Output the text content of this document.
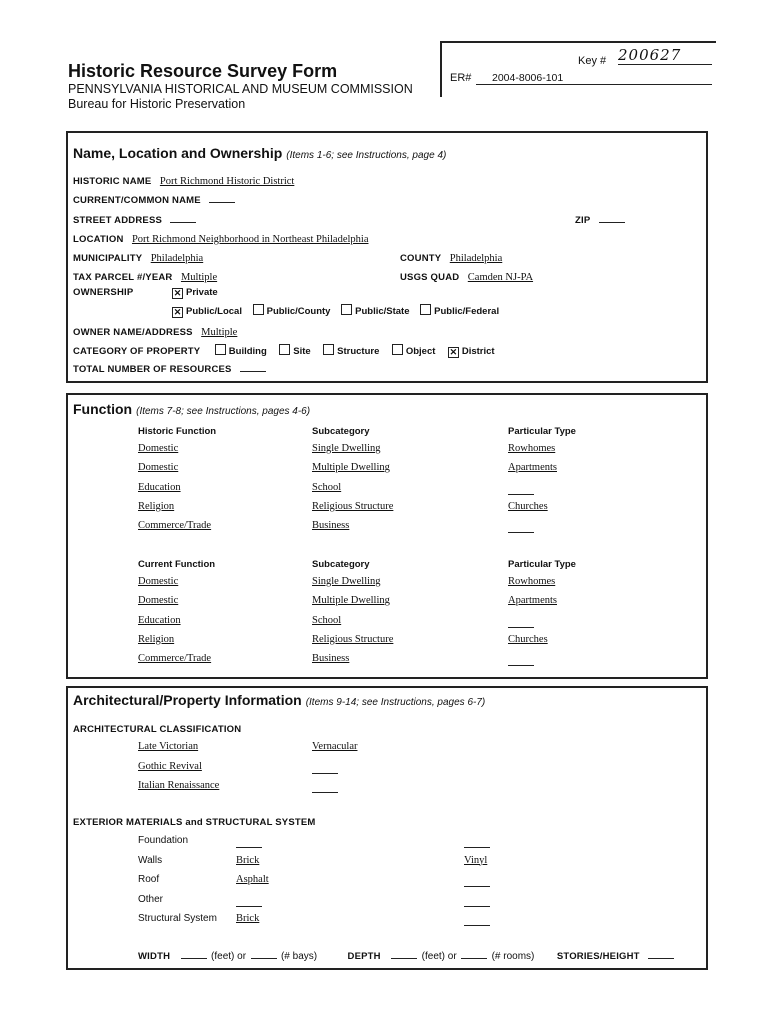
Historic Resource Survey Form
PENNSYLVANIA HISTORICAL AND MUSEUM COMMISSION
Bureau for Historic Preservation
Key # 200627
ER#	2004-8006-101
Name, Location and Ownership (Items 1-6; see Instructions, page 4)
HISTORIC NAME Port Richmond Historic District
CURRENT/COMMON NAME
STREET ADDRESS	ZIP
LOCATION Port Richmond Neighborhood in Northeast Philadelphia
MUNICIPALITY Philadelphia	COUNTY Philadelphia
TAX PARCEL #/YEAR Multiple	USGS QUAD Camden NJ-PA
OWNERSHIP	✕ Private
✕ Public/Local	Public/County	Public/State	Public/Federal
OWNER NAME/ADDRESS Multiple
CATEGORY OF PROPERTY	Building	Site	Structure	Object ✕ District
TOTAL NUMBER OF RESOURCES
Function (Items 7-8; see Instructions, pages 4-6)
Historic Function	Subcategory	Particular Type
Domestic	Single Dwelling	Rowhomes
Domestic	Multiple Dwelling	Apartments
Education	School
Religion	Religious Structure	Churches
Commerce/Trade	Business
Current Function	Subcategory	Particular Type
Domestic	Single Dwelling	Rowhomes
Domestic	Multiple Dwelling	Apartments
Education	School
Religion	Religious Structure	Churches
Commerce/Trade	Business
Architectural/Property Information (Items 9-14; see Instructions, pages 6-7)
ARCHITECTURAL CLASSIFICATION
Late Victorian	Vernacular
Gothic Revival
Italian Renaissance
EXTERIOR MATERIALS and STRUCTURAL SYSTEM
Foundation
Walls	Brick	Vinyl
Roof	Asphalt
Other
Structural System Brick
WIDTH	(feet) or	(# bays)	DEPTH	(feet) or	(# rooms) STORIES/HEIGHT
